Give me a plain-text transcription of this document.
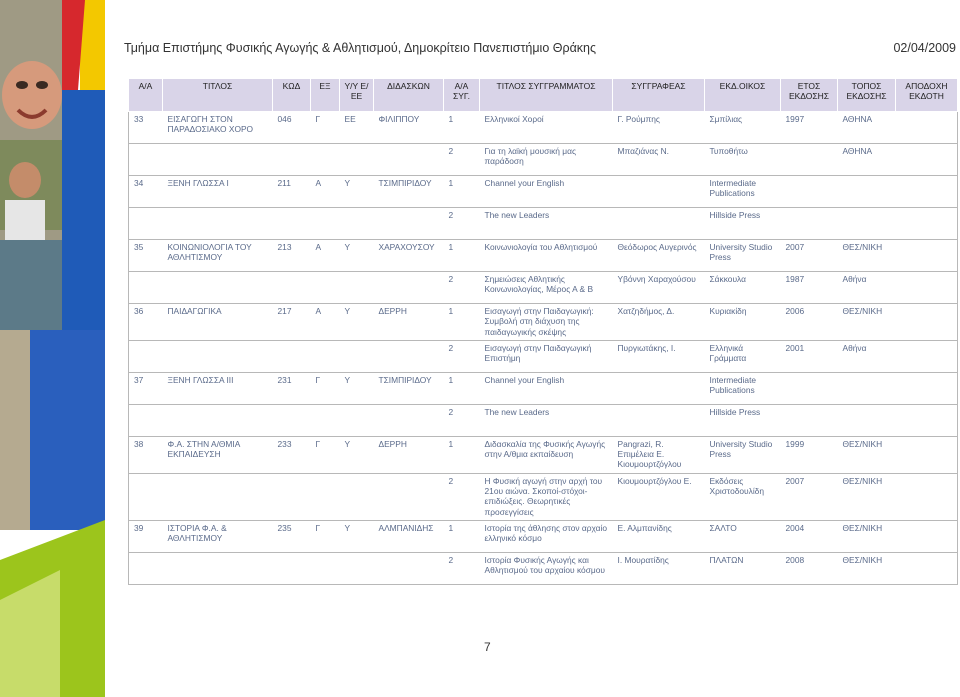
Τμήμα Επιστήμης Φυσικής Αγωγής & Αθλητισμού, Δημοκρίτειο Πανεπιστήμιο Θράκης	02/04/2009
Α/Α	ΤΙΤΛΟΣ	ΚΩΔ	ΕΞ	Υ/Υ Ε/ΕΕ	ΔΙΔΑΣΚΩΝ	Α/Α ΣΥΓ.	ΤΙΤΛΟΣ ΣΥΓΓΡΑΜΜΑΤΟΣ	ΣΥΓΓΡΑΦΕΑΣ	ΕΚΔ.ΟΙΚΟΣ	ΕΤΟΣ ΕΚΔΟΣΗΣ	ΤΟΠΟΣ ΕΚΔΟΣΗΣ	ΑΠΟΔΟΧΗ ΕΚΔΟΤΗ
33	ΕΙΣΑΓΩΓΗ ΣΤΟΝ ΠΑΡΑΔΟΣΙΑΚΟ ΧΟΡΟ	046	Γ	ΕΕ	ΦΙΛΙΠΠΟΥ	1	Ελληνικοί Χοροί	Γ. Ρούμπης	Σμπίλιας	1997	ΑΘΗΝΑ	
						2	Για τη λαϊκή μουσική μας παράδοση	Μπαζιάνας Ν.	Τυποθήτω		ΑΘΗΝΑ	
34	ΞΕΝΗ ΓΛΩΣΣΑ Ι	211	Α	Υ	ΤΣΙΜΠΙΡΙΔΟΥ	1	Channel your English		Intermediate Publications			
						2	The new Leaders		Hillside Press			
35	ΚΟΙΝΩΝΙΟΛΟΓΙΑ ΤΟΥ ΑΘΛΗΤΙΣΜΟΥ	213	Α	Υ	ΧΑΡΑΧΟΥΣΟΥ	1	Κοινωνιολογία του Αθλητισμού	Θεόδωρος Αυγερινός	University Studio Press	2007	ΘΕΣ/ΝΙΚΗ	
						2	Σημειώσεις Αθλητικής Κοινωνιολογίας, Μέρος Α & Β	Υβόννη Χαραχούσου	Σάκκουλα	1987	Αθήνα	
36	ΠΑΙΔΑΓΩΓΙΚΑ	217	Α	Υ	ΔΕΡΡΗ	1	Εισαγωγή στην Παιδαγωγική: Συμβολή στη διάχυση της παιδαγωγικής σκέψης	Χατζηδήμος, Δ.	Κυριακίδη	2006	ΘΕΣ/ΝΙΚΗ	
						2	Εισαγωγή στην Παιδαγωγική Επιστήμη	Πυργιωτάκης, Ι.	Ελληνικά Γράμματα	2001	Αθήνα	
37	ΞΕΝΗ ΓΛΩΣΣΑ ΙΙΙ	231	Γ	Υ	ΤΣΙΜΠΙΡΙΔΟΥ	1	Channel your English		Intermediate Publications			
						2	The new Leaders		Hillside Press			
38	Φ.Α. ΣΤΗΝ Α/ΘΜΙΑ ΕΚΠΑΙΔΕΥΣΗ	233	Γ	Υ	ΔΕΡΡΗ	1	Διδασκαλία της Φυσικής Αγωγής στην Α/θμια εκπαίδευση	Pangrazi, R. Επιμέλεια Ε. Κιουμουρτζόγλου	University Studio Press	1999	ΘΕΣ/ΝΙΚΗ	
						2	Η Φυσική αγωγή στην αρχή του 21ου αιώνα. Σκοποί-στόχοι-επιδιώξεις. Θεωρητικές προσεγγίσεις	Κιουμουρτζόγλου Ε.	Εκδόσεις Χριστοδουλίδη	2007	ΘΕΣ/ΝΙΚΗ	
39	ΙΣΤΟΡΙΑ Φ.Α. & ΑΘΛΗΤΙΣΜΟΥ	235	Γ	Υ	ΑΛΜΠΑΝΙΔΗΣ	1	Ιστορία της άθλησης στον αρχαίο ελληνικό κόσμο	Ε. Αλμπανίδης	ΣΑΛΤΟ	2004	ΘΕΣ/ΝΙΚΗ	
						2	Ιστορία Φυσικής Αγωγής και Αθλητισμού του αρχαίου κόσμου	Ι. Μουρατίδης	ΠΛΑΤΩΝ	2008	ΘΕΣ/ΝΙΚΗ	
7
